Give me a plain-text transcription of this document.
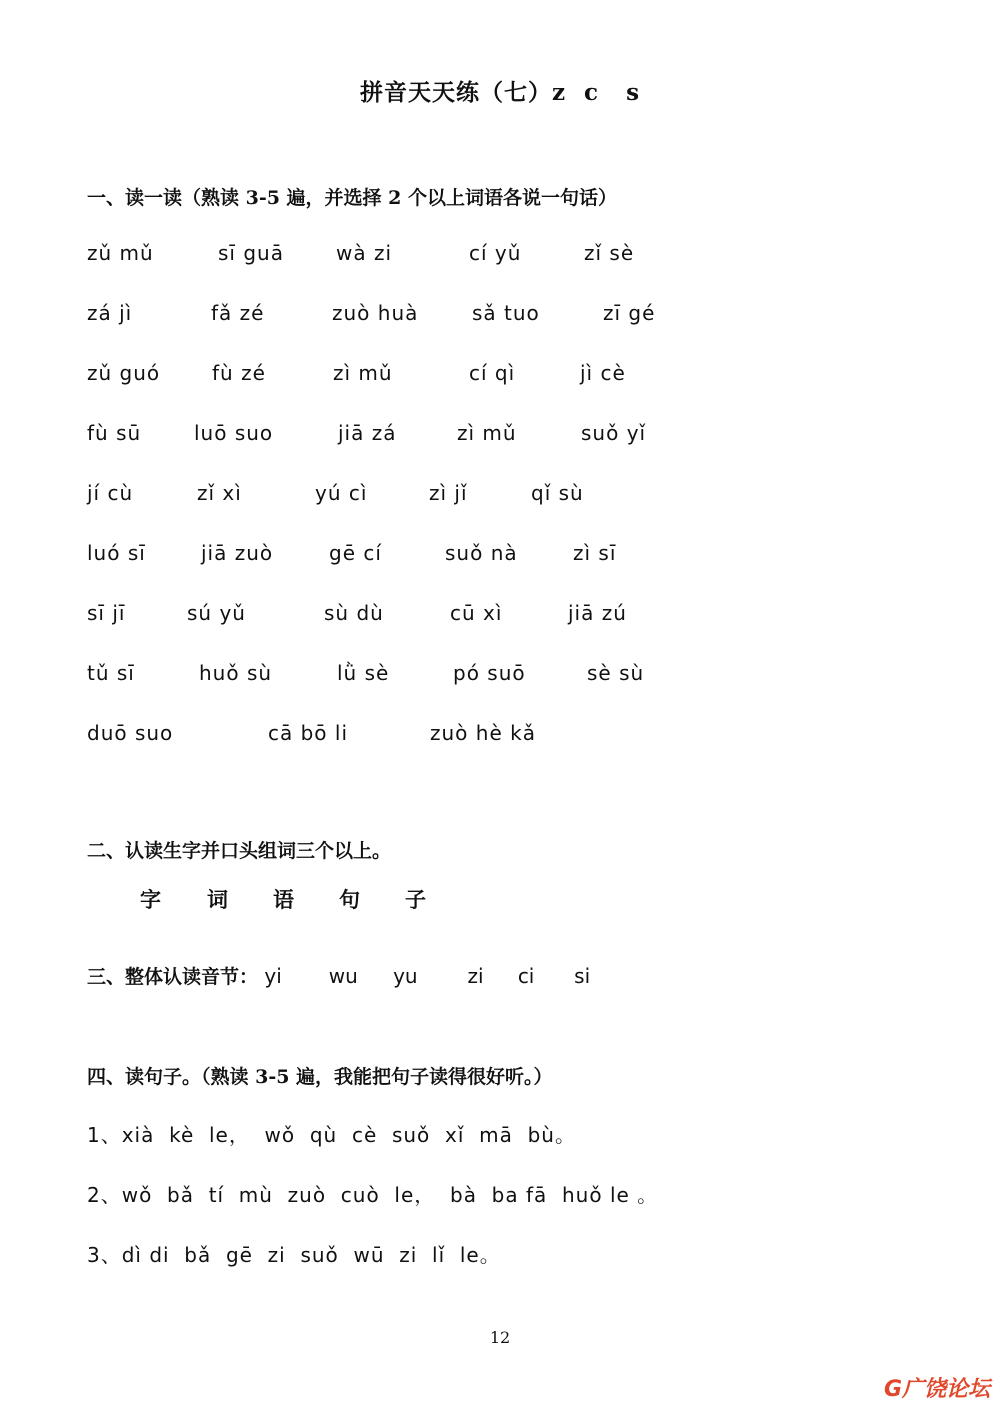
拼音天天练（七）z  c   s
一、读一读（熟读 3-5 遍，并选择 2 个以上词语各说一句话）
zǔ mǔ	sī guā	wà zi	cí yǔ	zǐ sè
zá jì	fǎ zé	zuò huà	sǎ tuo	zī gé
zǔ guó	fù zé	zì mǔ	cí qì	jì cè
fù sū	luō suo	jiā zá	zì mǔ	suǒ yǐ
jí cù	zǐ xì	yú cì	zì jǐ	qǐ sù
luó sī	jiā zuò	gē cí	suǒ nà	zì sī
sī jī	sú yǔ	sù dù	cū xì	jiā zú
tǔ sī	huǒ sù	lǜ sè	pó suō	sè sù
duō suo	cā bō li	zuò hè kǎ
二、认读生字并口头组词三个以上。
字 词 语 句 子
三、整体认读音节： yi wu yu zi ci si
四、读句子。（熟读 3-5 遍，我能把句子读得很好听。）
1、xià  kè  le，  wǒ  qù  cè  suǒ  xǐ  mā  bù。
2、wǒ  bǎ  tí  mù  zuò  cuò  le，  bà  ba fā  huǒ le 。
3、dì di  bǎ  gē  zi  suǒ  wū  zi  lǐ  le。
12
G广饶论坛
